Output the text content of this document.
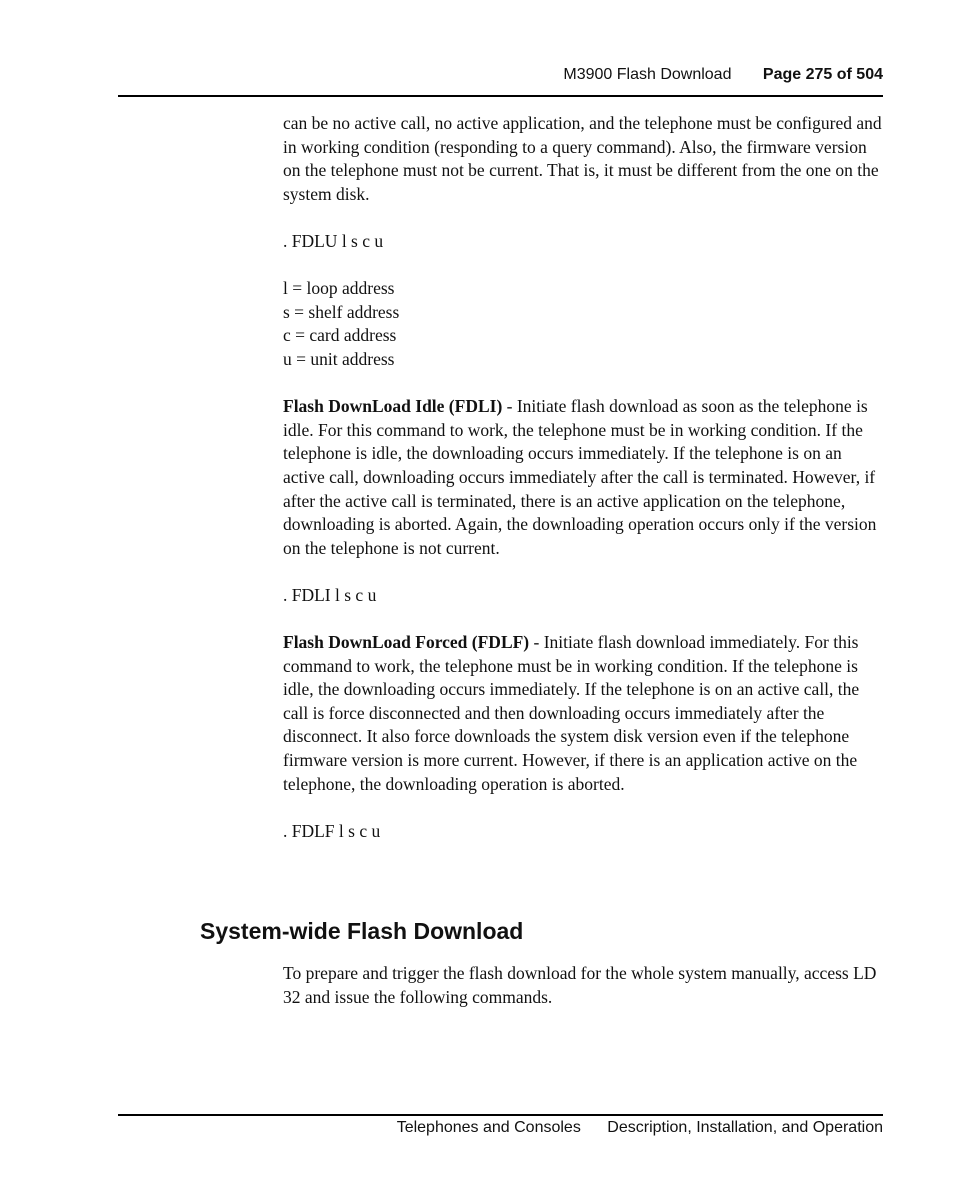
M3900 Flash Download Page 275 of 504

can be no active call, no active application, and the telephone must be configured and in working condition (responding to a query command). Also, the firmware version on the telephone must not be current. That is, it must be different from the one on the system disk.

. FDLU l s c u

l = loop address
s = shelf address
c = card address
u = unit address

Flash DownLoad Idle (FDLI) - Initiate flash download as soon as the telephone is idle. For this command to work, the telephone must be in working condition. If the telephone is idle, the downloading occurs immediately. If the telephone is on an active call, downloading occurs immediately after the call is terminated. However, if after the active call is terminated, there is an active application on the telephone, downloading is aborted. Again, the downloading operation occurs only if the version on the telephone is not current.

. FDLI l s c u

Flash DownLoad Forced (FDLF) - Initiate flash download immediately. For this command to work, the telephone must be in working condition. If the telephone is idle, the downloading occurs immediately. If the telephone is on an active call, the call is force disconnected and then downloading occurs immediately after the disconnect. It also force downloads the system disk version even if the telephone firmware version is more current. However, if there is an application active on the telephone, the downloading operation is aborted.

. FDLF l s c u

System-wide Flash Download

To prepare and trigger the flash download for the whole system manually, access LD 32 and issue the following commands.

Telephones and Consoles Description, Installation, and Operation
